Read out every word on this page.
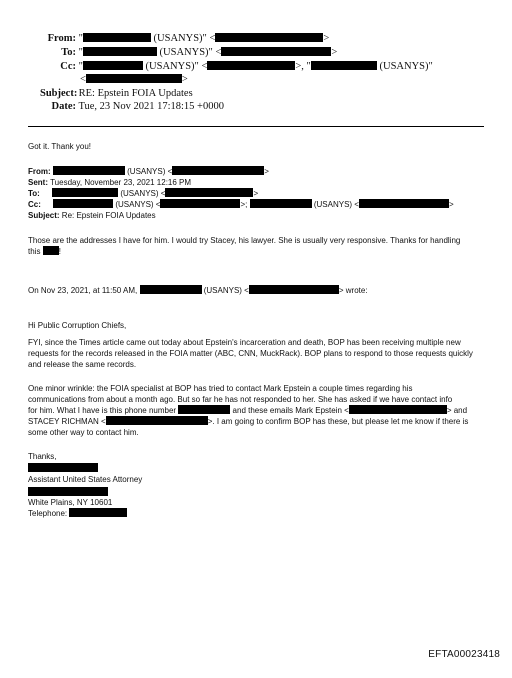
From: "	(USANYS)" <	>
To: "	(USANYS)" <	>
Cc: "	(USANYS)" <	>, "	(USANYS)"
<	>
Subject: RE: Epstein FOIA Updates
Date: Tue, 23 Nov 2021 17:18:15 +0000
Got it. Thank you!
From:	(USANYS) <	>
Sent: Tuesday, November 23, 2021 12:16 PM
To:	(USANYS) <	>
Cc:	(USANYS) <	>;	(USANYS) <	>
Subject: Re: Epstein FOIA Updates
Those are the addresses I have for him. I would try Stacey, his lawyer. She is usually very responsive. Thanks for handling
this !
On Nov 23, 2021, at 11:50 AM,	(USANYS) <	> wrote:
Hi Public Corruption Chiefs,
FYI, since the Times article came out today about Epstein's incarceration and death, BOP has been receiving multiple new requests for the records released in the FOIA matter (ABC, CNN, MuckRack). BOP plans to respond to those requests quickly and release the same records.
One minor wrinkle: the FOIA specialist at BOP has tried to contact Mark Epstein a couple times regarding his
communications from about a month ago. But so far he has not responded to her. She has asked if we have contact info
for him. What I have is this phone number	and these emails Mark Epstein <	> and
STACEY RICHMAN <	>. I am going to confirm BOP has these, but please let me know if there is
some other way to contact him.
Thanks,
Assistant United States Attorney
White Plains, NY 10601
Telephone:
EFTA00023418
